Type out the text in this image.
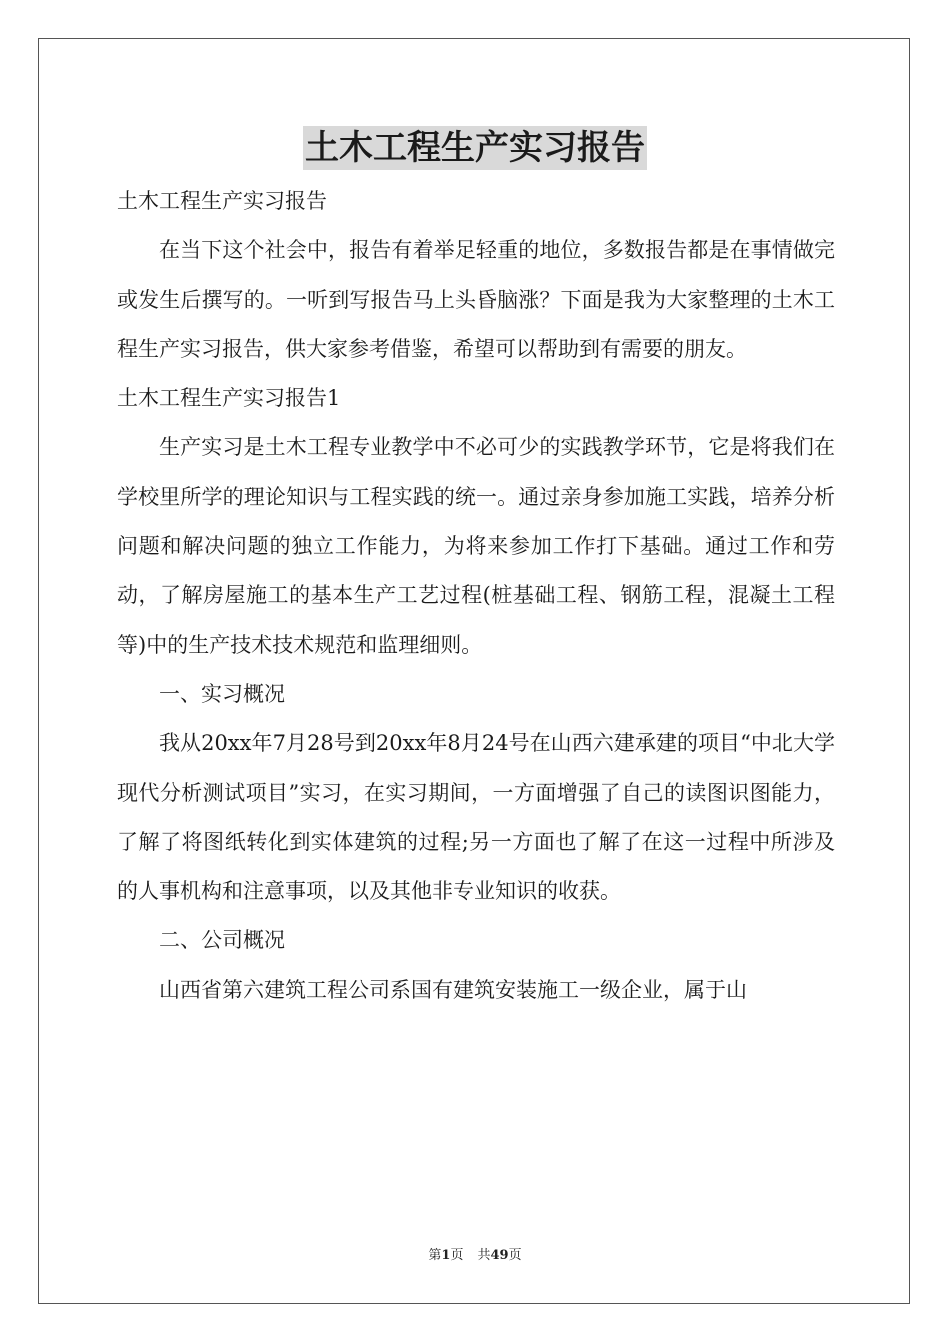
土木工程生产实习报告

土木工程生产实习报告

在当下这个社会中，报告有着举足轻重的地位，多数报告都是在事情做完或发生后撰写的。一听到写报告马上头昏脑涨？下面是我为大家整理的土木工程生产实习报告，供大家参考借鉴，希望可以帮助到有需要的朋友。

土木工程生产实习报告1

生产实习是土木工程专业教学中不必可少的实践教学环节，它是将我们在学校里所学的理论知识与工程实践的统一。通过亲身参加施工实践，培养分析问题和解决问题的独立工作能力，为将来参加工作打下基础。通过工作和劳动，了解房屋施工的基本生产工艺过程(桩基础工程、钢筋工程，混凝土工程等)中的生产技术技术规范和监理细则。

一、实习概况

我从20xx年7月28号到20xx年8月24号在山西六建承建的项目“中北大学现代分析测试项目”实习，在实习期间，一方面增强了自己的读图识图能力，了解了将图纸转化到实体建筑的过程;另一方面也了解了在这一过程中所涉及的人事机构和注意事项，以及其他非专业知识的收获。

二、公司概况

山西省第六建筑工程公司系国有建筑安装施工一级企业，属于山

第1页 共49页
